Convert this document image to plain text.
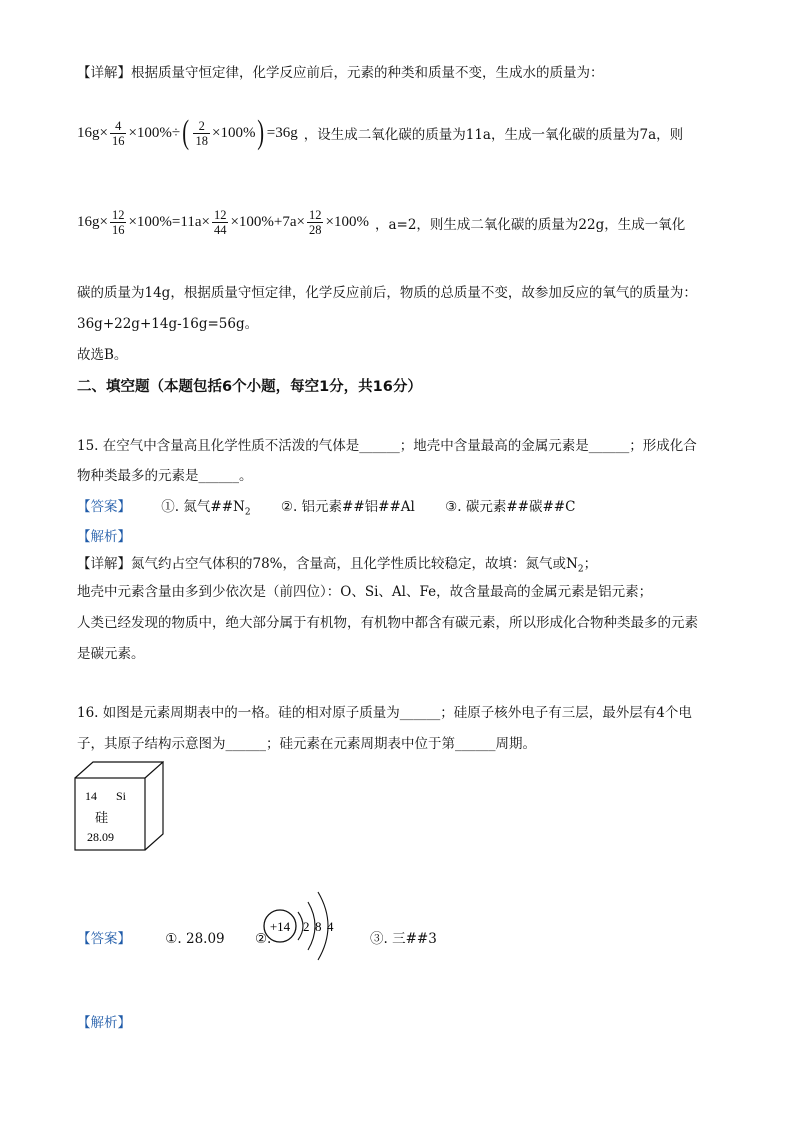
【详解】根据质量守恒定律，化学反应前后，元素的种类和质量不变，生成水的质量为：
$16g\times \frac{4}{16} \times 100\%\div$ ( $\frac{2}{18} \times 100\%$ ) =36g ，设生成二氧化碳的质量为11a，生成一氧化碳的质量为7a，则
$16g\times \frac{12}{16} \times 100\%=11a\times \frac{12}{44} \times 100\%+7a\times \frac{12}{28} \times 100\%$ ，a=2，则生成二氧化碳的质量为22g，生成一氧化
碳的质量为14g，根据质量守恒定律，化学反应前后，物质的总质量不变，故参加反应的氧气的质量为：
36g+22g+14g-16g=56g。
故选B。
二、填空题（本题包括6个小题，每空1分，共16分）
15. 在空气中含量高且化学性质不活泼的气体是______；地壳中含量最高的金属元素是______；形成化合
物种类最多的元素是______。
【答案】 ①. 氮气$\#\#N_2$ ②. 铝元素##铝##Al ③. 碳元素##碳##C
【解析】
【详解】氮气约占空气体积的78%，含量高，且化学性质比较稳定，故填：氮气或$N_2$；
地壳中元素含量由多到少依次是（前四位）：O、Si、Al、Fe，故含量最高的金属元素是铝元素；
人类已经发现的物质中，绝大部分属于有机物，有机物中都含有碳元素，所以形成化合物种类最多的元素
是碳元素。
16. 如图是元素周期表中的一格。硅的相对原子质量为______；硅原子核外电子有三层，最外层有4个电
子，其原子结构示意图为______；硅元素在元素周期表中位于第______周期。
14 Si
硅
28.09
【答案】	①. 28.09 ②.
+14 2 8 4
③. 三##3
【解析】
